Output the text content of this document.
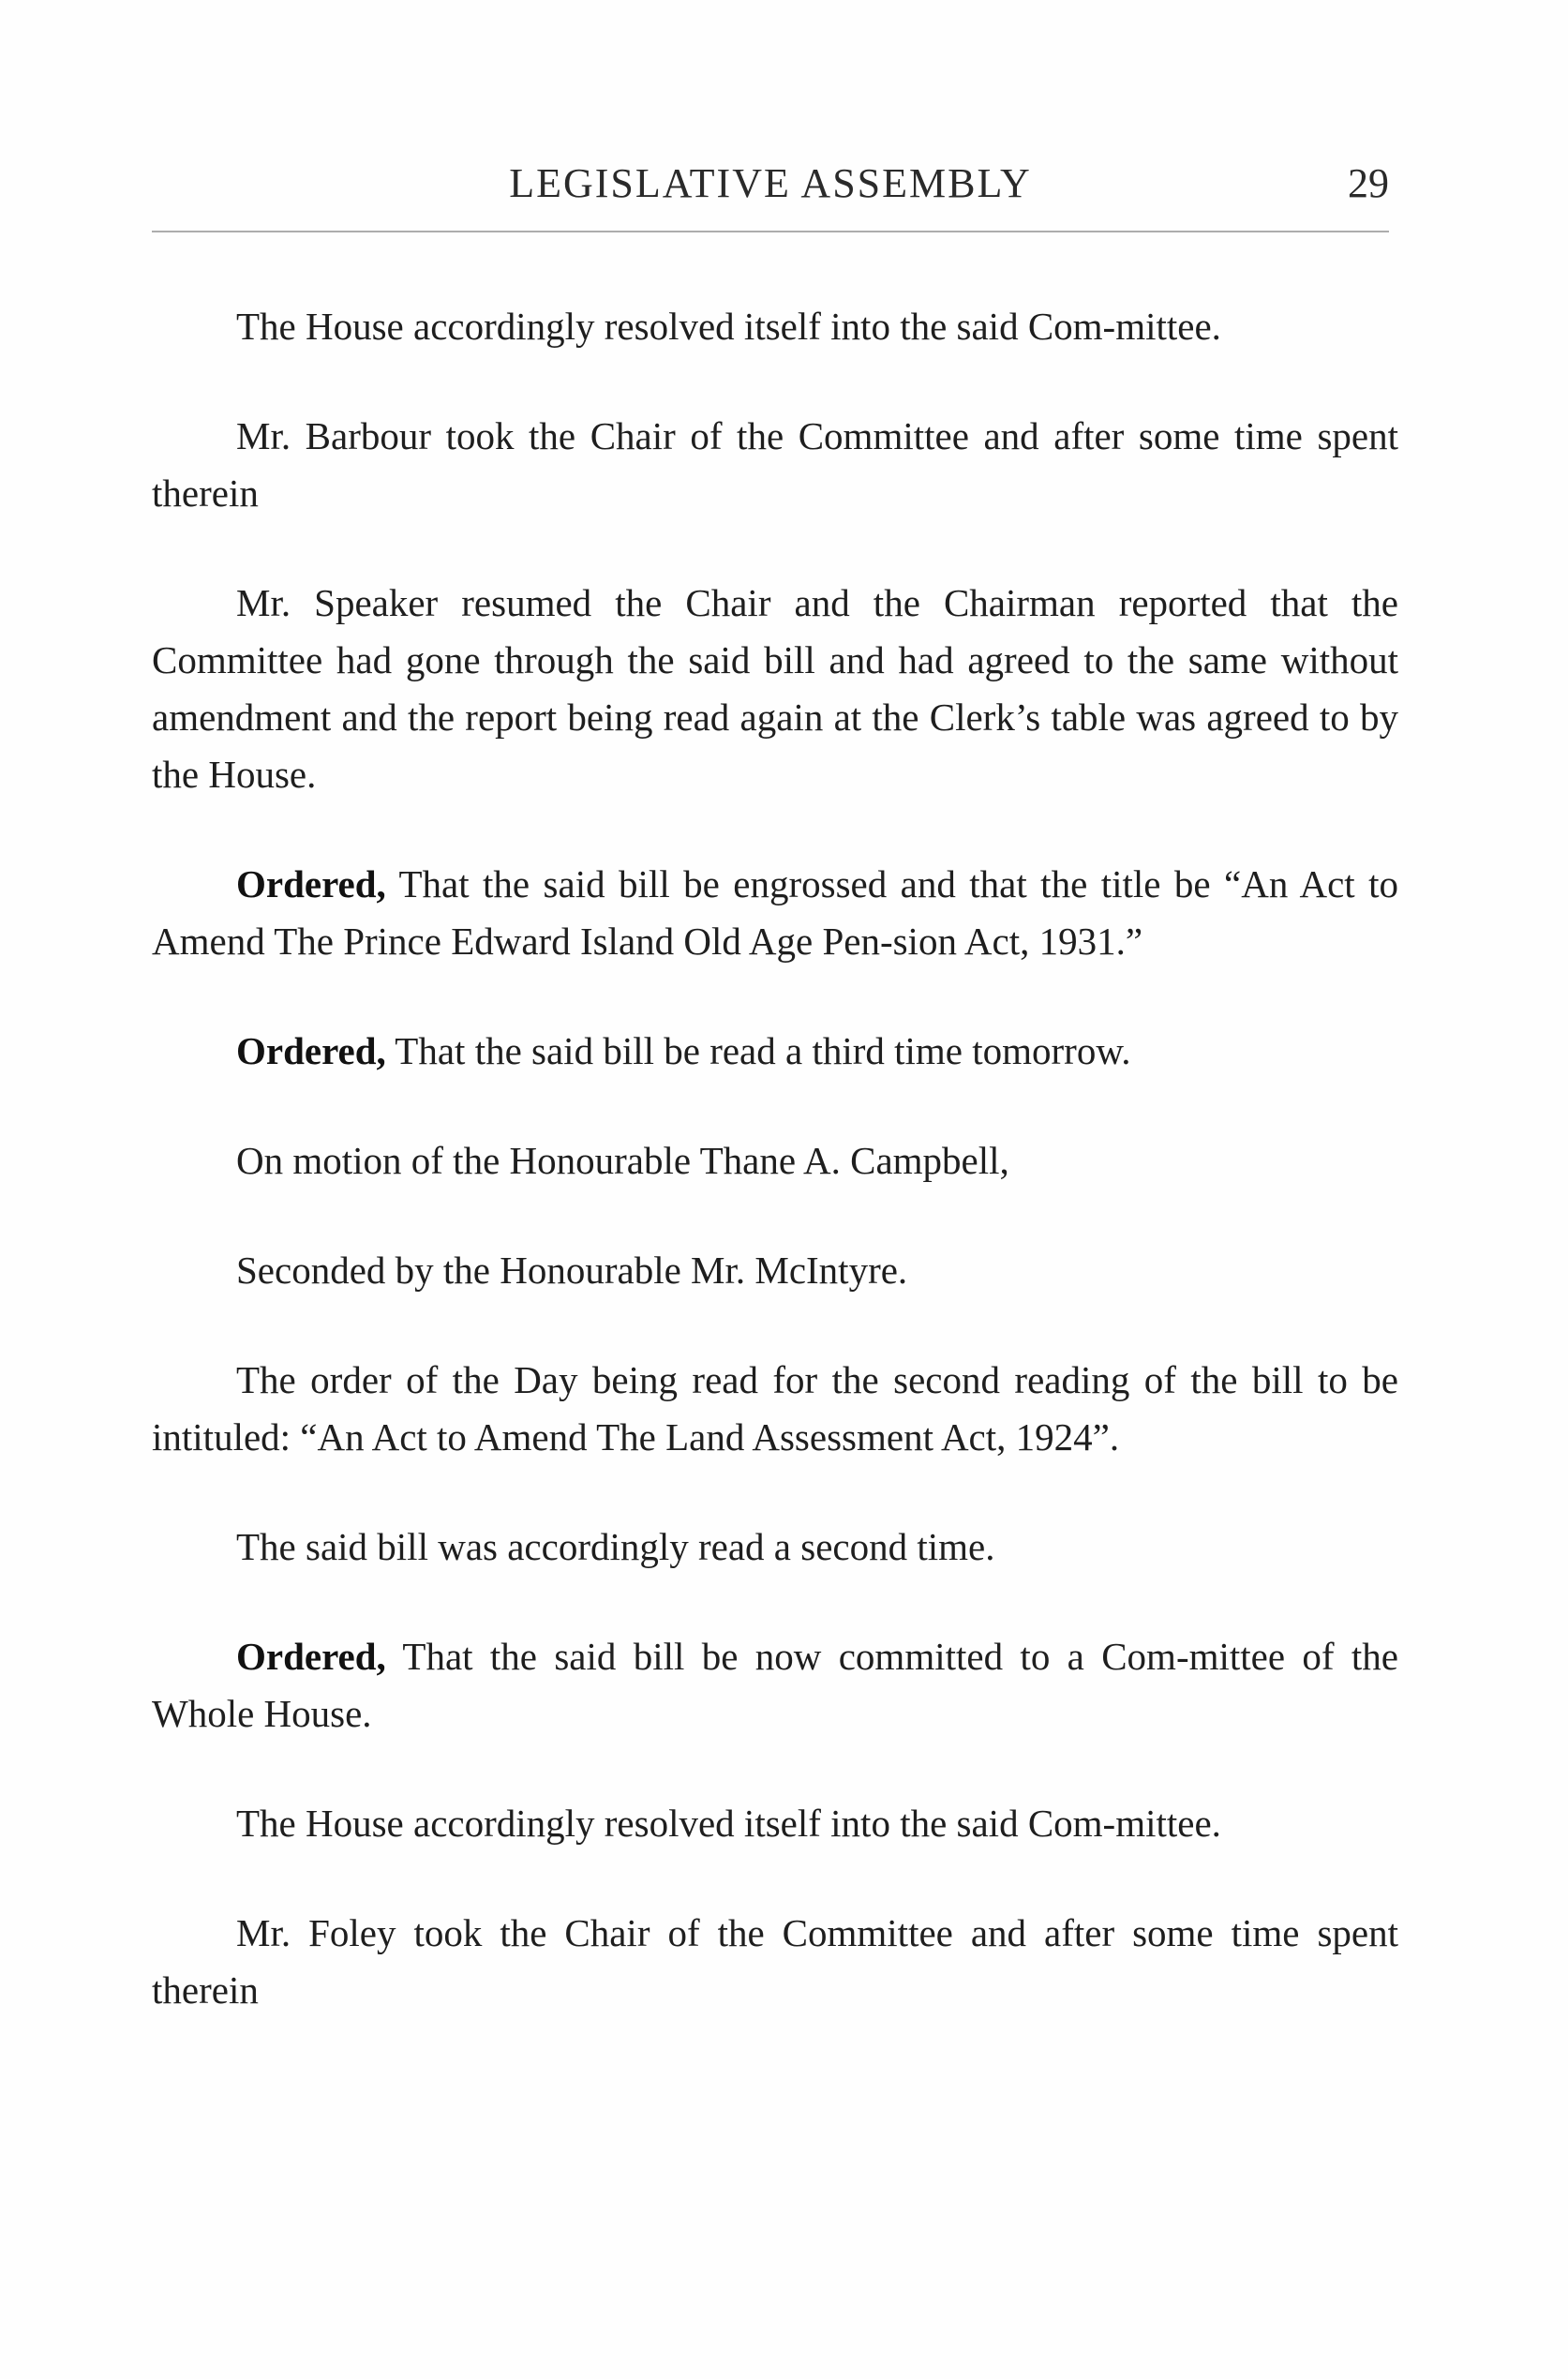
LEGISLATIVE ASSEMBLY	29

The House accordingly resolved itself into the said Com-mittee.

Mr. Barbour took the Chair of the Committee and after some time spent therein

Mr. Speaker resumed the Chair and the Chairman reported that the Committee had gone through the said bill and had agreed to the same without amendment and the report being read again at the Clerk’s table was agreed to by the House.

Ordered, That the said bill be engrossed and that the title be “An Act to Amend The Prince Edward Island Old Age Pen-sion Act, 1931.”

Ordered, That the said bill be read a third time tomorrow.

On motion of the Honourable Thane A. Campbell,

Seconded by the Honourable Mr. McIntyre.

The order of the Day being read for the second reading of the bill to be intituled: “An Act to Amend The Land Assessment Act, 1924”.

The said bill was accordingly read a second time.

Ordered, That the said bill be now committed to a Com-mittee of the Whole House.

The House accordingly resolved itself into the said Com-mittee.

Mr. Foley took the Chair of the Committee and after some time spent therein
